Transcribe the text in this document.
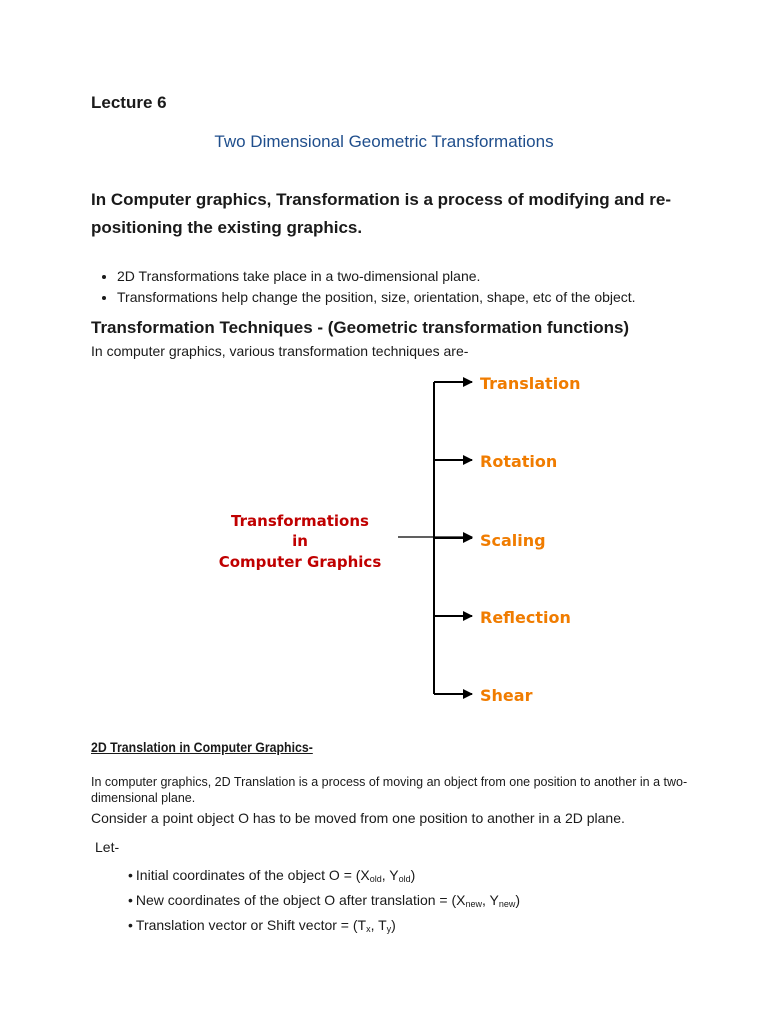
Lecture 6
Two Dimensional Geometric Transformations
In Computer graphics, Transformation is a process of modifying and re-positioning the existing graphics.
• 2D Transformations take place in a two-dimensional plane.
• Transformations help change the position, size, orientation, shape, etc of the object.
Transformation Techniques - (Geometric transformation functions)
In computer graphics, various transformation techniques are-
Transformations
in
Computer Graphics
Translation
Rotation
Scaling
Reflection
Shear
2D Translation in Computer Graphics-
In computer graphics, 2D Translation is a process of moving an object from one position to another in a two-dimensional plane.
Consider a point object O has to be moved from one position to another in a 2D plane.
Let-
• Initial coordinates of the object $O = (X_{old}$, $Y_{old}$)
• New coordinates of the object O after translation = ($X_{new}$, $Y_{new}$)
• Translation vector or Shift vector = ($T_x$, $T_y$)
